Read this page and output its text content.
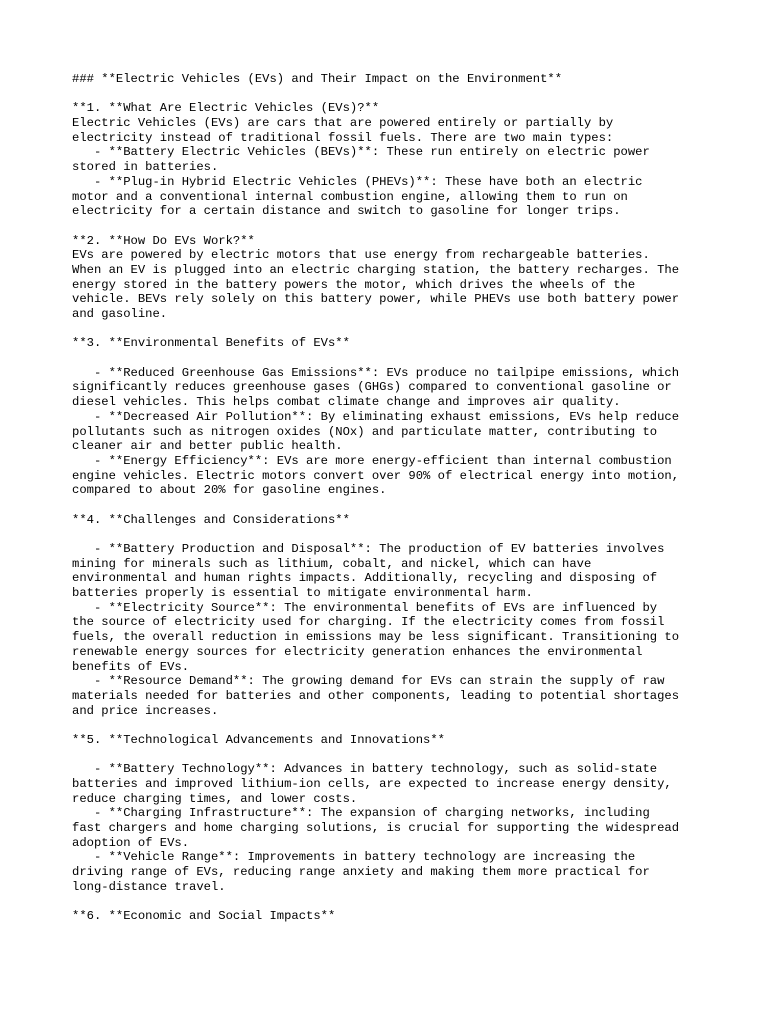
### **Electric Vehicles (EVs) and Their Impact on the Environment**
**1. **What Are Electric Vehicles (EVs)?**
Electric Vehicles (EVs) are cars that are powered entirely or partially by
electricity instead of traditional fossil fuels. There are two main types:
- **Battery Electric Vehicles (BEVs)**: These run entirely on electric power
stored in batteries.
- **Plug-in Hybrid Electric Vehicles (PHEVs)**: These have both an electric
motor and a conventional internal combustion engine, allowing them to run on
electricity for a certain distance and switch to gasoline for longer trips.
**2. **How Do EVs Work?**
EVs are powered by electric motors that use energy from rechargeable batteries.
When an EV is plugged into an electric charging station, the battery recharges. The
energy stored in the battery powers the motor, which drives the wheels of the
vehicle. BEVs rely solely on this battery power, while PHEVs use both battery power
and gasoline.
**3. **Environmental Benefits of EVs**
- **Reduced Greenhouse Gas Emissions**: EVs produce no tailpipe emissions, which
significantly reduces greenhouse gases (GHGs) compared to conventional gasoline or
diesel vehicles. This helps combat climate change and improves air quality.
- **Decreased Air Pollution**: By eliminating exhaust emissions, EVs help reduce
pollutants such as nitrogen oxides (NOx) and particulate matter, contributing to
cleaner air and better public health.
- **Energy Efficiency**: EVs are more energy-efficient than internal combustion
engine vehicles. Electric motors convert over 90% of electrical energy into motion,
compared to about 20% for gasoline engines.
**4. **Challenges and Considerations**
- **Battery Production and Disposal**: The production of EV batteries involves
mining for minerals such as lithium, cobalt, and nickel, which can have
environmental and human rights impacts. Additionally, recycling and disposing of
batteries properly is essential to mitigate environmental harm.
- **Electricity Source**: The environmental benefits of EVs are influenced by
the source of electricity used for charging. If the electricity comes from fossil
fuels, the overall reduction in emissions may be less significant. Transitioning to
renewable energy sources for electricity generation enhances the environmental
benefits of EVs.
- **Resource Demand**: The growing demand for EVs can strain the supply of raw
materials needed for batteries and other components, leading to potential shortages
and price increases.
**5. **Technological Advancements and Innovations**
- **Battery Technology**: Advances in battery technology, such as solid-state
batteries and improved lithium-ion cells, are expected to increase energy density,
reduce charging times, and lower costs.
- **Charging Infrastructure**: The expansion of charging networks, including
fast chargers and home charging solutions, is crucial for supporting the widespread
adoption of EVs.
- **Vehicle Range**: Improvements in battery technology are increasing the
driving range of EVs, reducing range anxiety and making them more practical for
long-distance travel.
**6. **Economic and Social Impacts**
